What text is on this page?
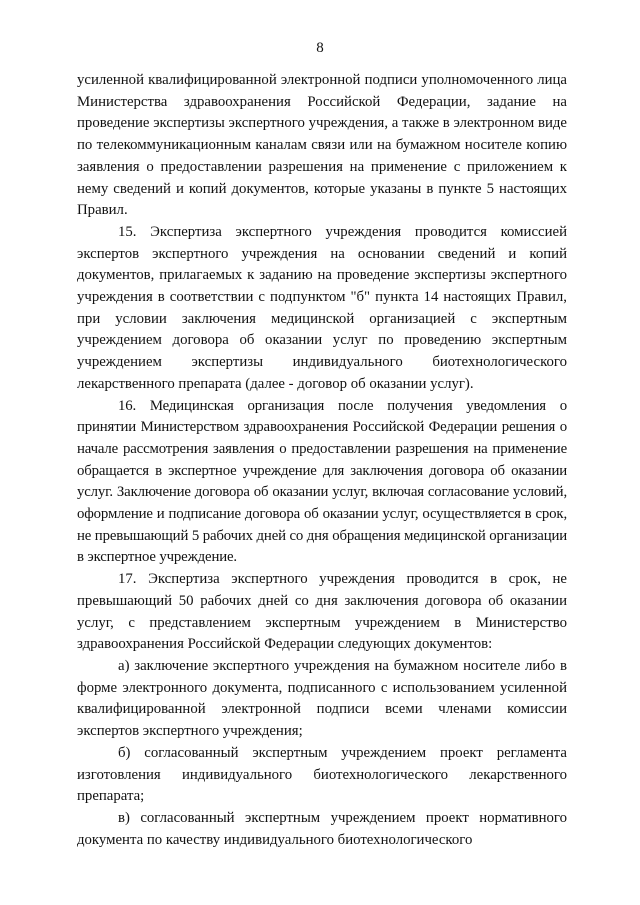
8

усиленной квалифицированной электронной подписи уполномоченного лица Министерства здравоохранения Российской Федерации, задание на проведение экспертизы экспертного учреждения, а также в электронном виде по телекоммуникационным каналам связи или на бумажном носителе копию заявления о предоставлении разрешения на применение с приложением к нему сведений и копий документов, которые указаны в пункте 5 настоящих Правил.

15. Экспертиза экспертного учреждения проводится комиссией экспертов экспертного учреждения на основании сведений и копий документов, прилагаемых к заданию на проведение экспертизы экспертного учреждения в соответствии с подпунктом "б" пункта 14 настоящих Правил, при условии заключения медицинской организацией с экспертным учреждением договора об оказании услуг по проведению экспертным учреждением экспертизы индивидуального биотехнологического лекарственного препарата (далее - договор об оказании услуг).

16. Медицинская организация после получения уведомления о принятии Министерством здравоохранения Российской Федерации решения о начале рассмотрения заявления о предоставлении разрешения на применение обращается в экспертное учреждение для заключения договора об оказании услуг. Заключение договора об оказании услуг, включая согласование условий, оформление и подписание договора об оказании услуг, осуществляется в срок, не превышающий 5 рабочих дней со дня обращения медицинской организации в экспертное учреждение.

17. Экспертиза экспертного учреждения проводится в срок, не превышающий 50 рабочих дней со дня заключения договора об оказании услуг, с представлением экспертным учреждением в Министерство здравоохранения Российской Федерации следующих документов:

а) заключение экспертного учреждения на бумажном носителе либо в форме электронного документа, подписанного с использованием усиленной квалифицированной электронной подписи всеми членами комиссии экспертов экспертного учреждения;

б) согласованный экспертным учреждением проект регламента изготовления индивидуального биотехнологического лекарственного препарата;

в) согласованный экспертным учреждением проект нормативного документа по качеству индивидуального биотехнологического
